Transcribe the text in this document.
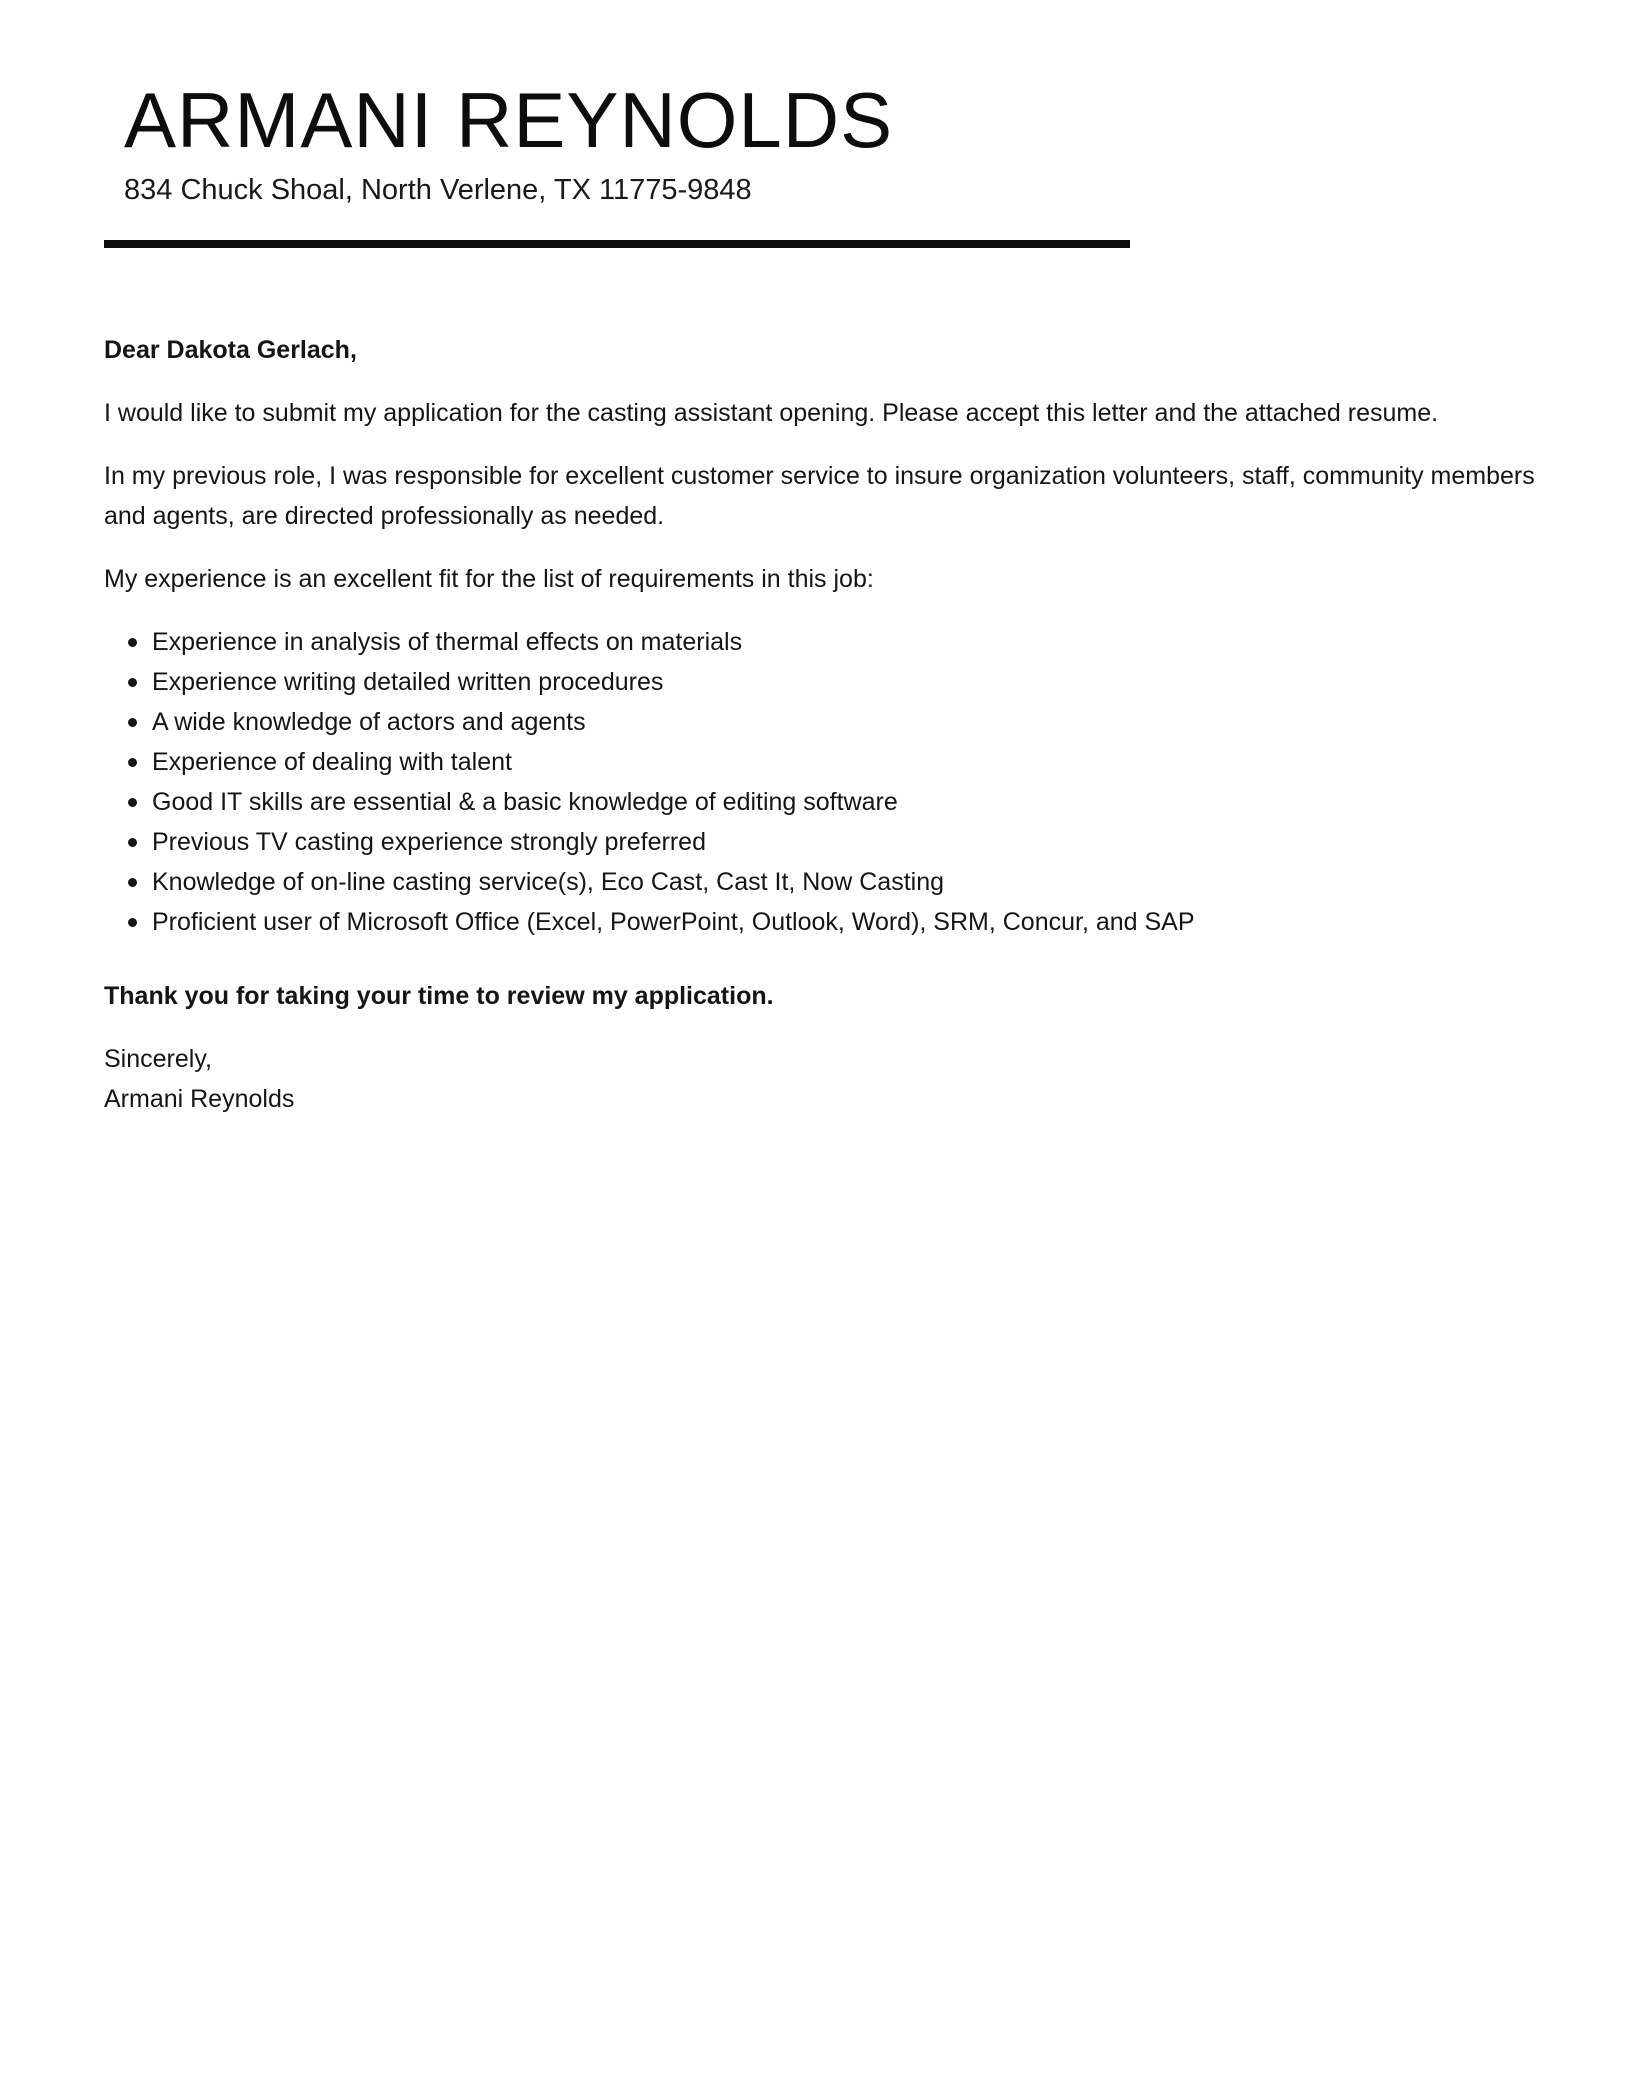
ARMANI REYNOLDS
834 Chuck Shoal, North Verlene, TX 11775-9848

Dear Dakota Gerlach,

I would like to submit my application for the casting assistant opening. Please accept this letter and the attached resume.

In my previous role, I was responsible for excellent customer service to insure organization volunteers, staff, community members and agents, are directed professionally as needed.

My experience is an excellent fit for the list of requirements in this job:

Experience in analysis of thermal effects on materials
Experience writing detailed written procedures
A wide knowledge of actors and agents
Experience of dealing with talent
Good IT skills are essential & a basic knowledge of editing software
Previous TV casting experience strongly preferred
Knowledge of on-line casting service(s), Eco Cast, Cast It, Now Casting
Proficient user of Microsoft Office (Excel, PowerPoint, Outlook, Word), SRM, Concur, and SAP

Thank you for taking your time to review my application.

Sincerely,

Armani Reynolds
